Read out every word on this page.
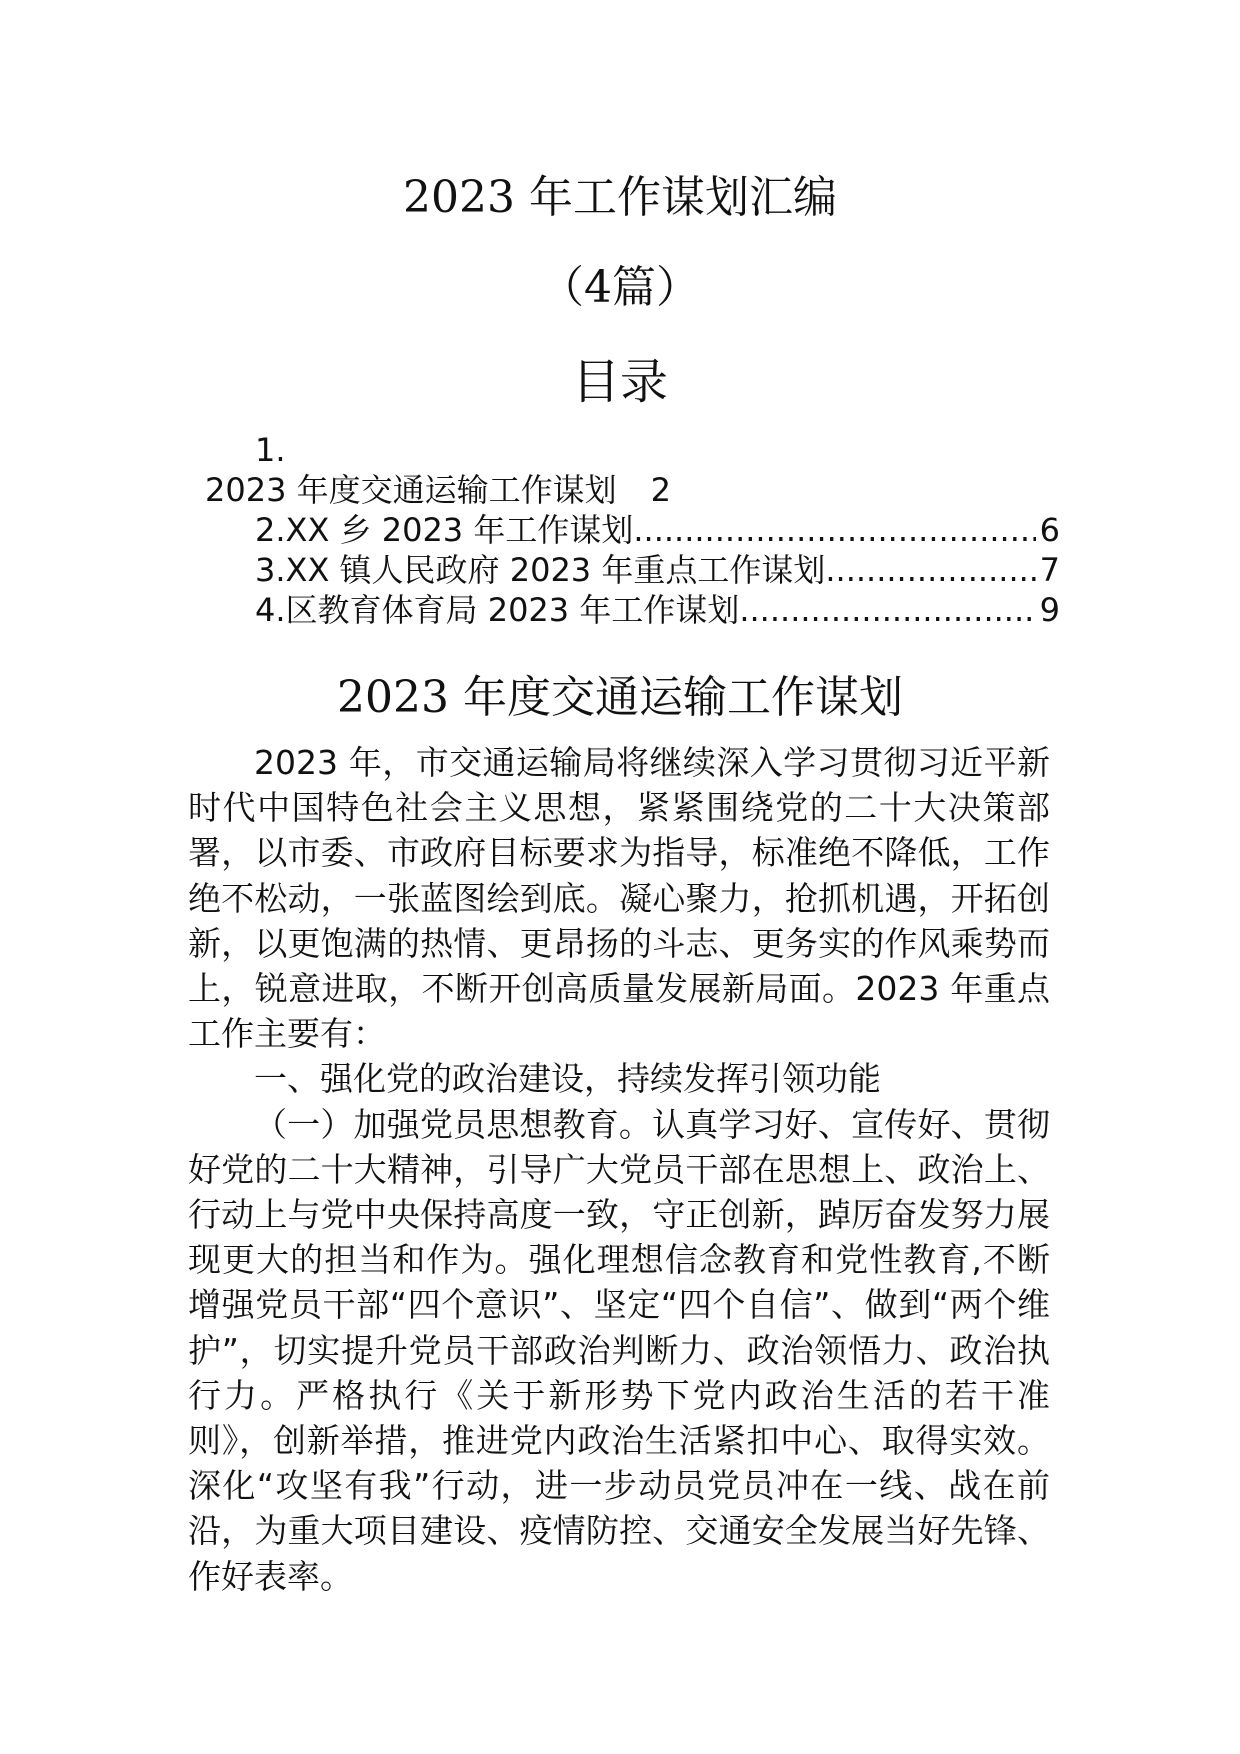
2023 年工作谋划汇编
（4篇）
目录
1.
2023 年度交通运输工作谋划 2
2.XX 乡 2023 年工作谋划 .....	6
3.XX 镇人民政府 2023 年重点工作谋划 .....	7
4.区教育体育局 2023 年工作谋划 .....	9
2023 年度交通运输工作谋划

2023 年，市交通运输局将继续深入学习贯彻习近平新时代中国特色社会主义思想，紧紧围绕党的二十大决策部署，以市委、市政府目标要求为指导，标准绝不降低，工作绝不松动，一张蓝图绘到底。凝心聚力，抢抓机遇，开拓创新，以更饱满的热情、更昂扬的斗志、更务实的作风乘势而上，锐意进取，不断开创高质量发展新局面。2023 年重点工作主要有：

一、强化党的政治建设，持续发挥引领功能

（一）加强党员思想教育。认真学习好、宣传好、贯彻好党的二十大精神，引导广大党员干部在思想上、政治上、行动上与党中央保持高度一致，守正创新，踔厉奋发努力展现更大的担当和作为。强化理想信念教育和党性教育,不断增强党员干部“四个意识”、坚定“四个自信”、做到“两个维护”，切实提升党员干部政治判断力、政治领悟力、政治执行力。严格执行《关于新形势下党内政治生活的若干准则》，创新举措，推进党内政治生活紧扣中心、取得实效。深化“攻坚有我”行动，进一步动员党员冲在一线、战在前沿，为重大项目建设、疫情防控、交通安全发展当好先锋、作好表率。
